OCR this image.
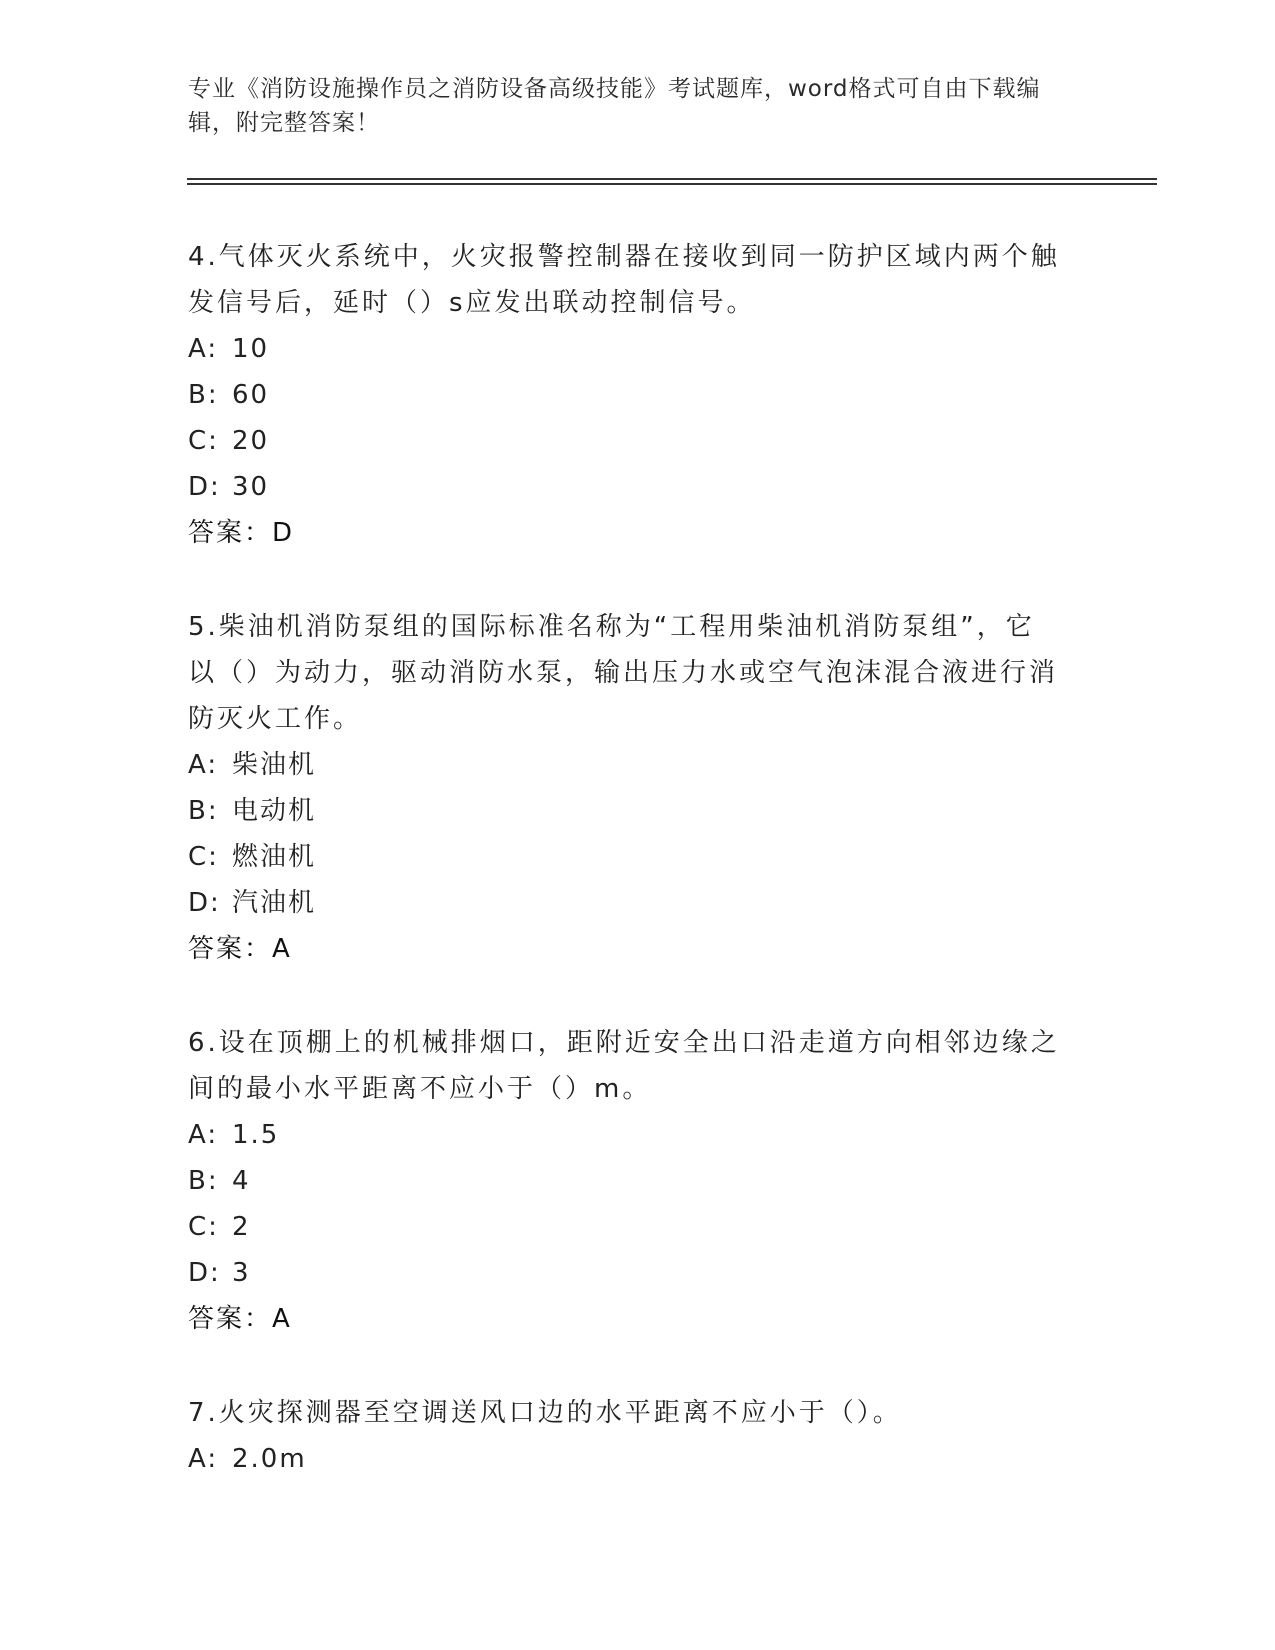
专业《消防设施操作员之消防设备高级技能》考试题库，word格式可自由下载编
辑，附完整答案！

4.气体灭火系统中，火灾报警控制器在接收到同一防护区域内两个触
发信号后，延时（）s应发出联动控制信号。

A: 10

B: 60

C: 20

D: 30

答案：D

5.柴油机消防泵组的国际标准名称为“工程用柴油机消防泵组”，它
以（）为动力，驱动消防水泵，输出压力水或空气泡沫混合液进行消
防灭火工作。

A: 柴油机

B: 电动机

C: 燃油机

D: 汽油机

答案：A

6.设在顶棚上的机械排烟口，距附近安全出口沿走道方向相邻边缘之
间的最小水平距离不应小于（）m。

A: 1.5

B: 4

C: 2

D: 3

答案：A

7.火灾探测器至空调送风口边的水平距离不应小于（）。

A: 2.0m
